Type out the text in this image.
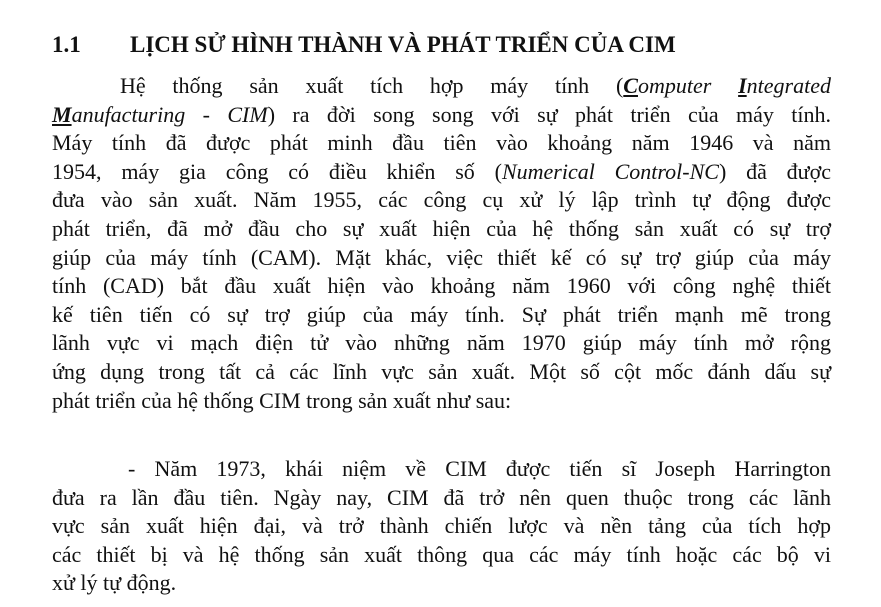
1.1 LỊCH SỬ HÌNH THÀNH VÀ PHÁT TRIỂN CỦA CIM
Hệ thống sản xuất tích hợp máy tính (Computer Integrated
Manufacturing - CIM) ra đời song song với sự phát triển của máy tính.
Máy tính đã được phát minh đầu tiên vào khoảng năm 1946 và năm
1954, máy gia công có điều khiển số (Numerical Control-NC) đã được
đưa vào sản xuất. Năm 1955, các công cụ xử lý lập trình tự động được
phát triển, đã mở đầu cho sự xuất hiện của hệ thống sản xuất có sự trợ
giúp của máy tính (CAM). Mặt khác, việc thiết kế có sự trợ giúp của máy
tính (CAD) bắt đầu xuất hiện vào khoảng năm 1960 với công nghệ thiết
kế tiên tiến có sự trợ giúp của máy tính. Sự phát triển mạnh mẽ trong
lãnh vực vi mạch điện tử vào những năm 1970 giúp máy tính mở rộng
ứng dụng trong tất cả các lĩnh vực sản xuất. Một số cột mốc đánh dấu sự
phát triển của hệ thống CIM trong sản xuất như sau:
- Năm 1973, khái niệm về CIM được tiến sĩ Joseph Harrington
đưa ra lần đầu tiên. Ngày nay, CIM đã trở nên quen thuộc trong các lãnh
vực sản xuất hiện đại, và trở thành chiến lược và nền tảng của tích hợp
các thiết bị và hệ thống sản xuất thông qua các máy tính hoặc các bộ vi
xử lý tự động.
